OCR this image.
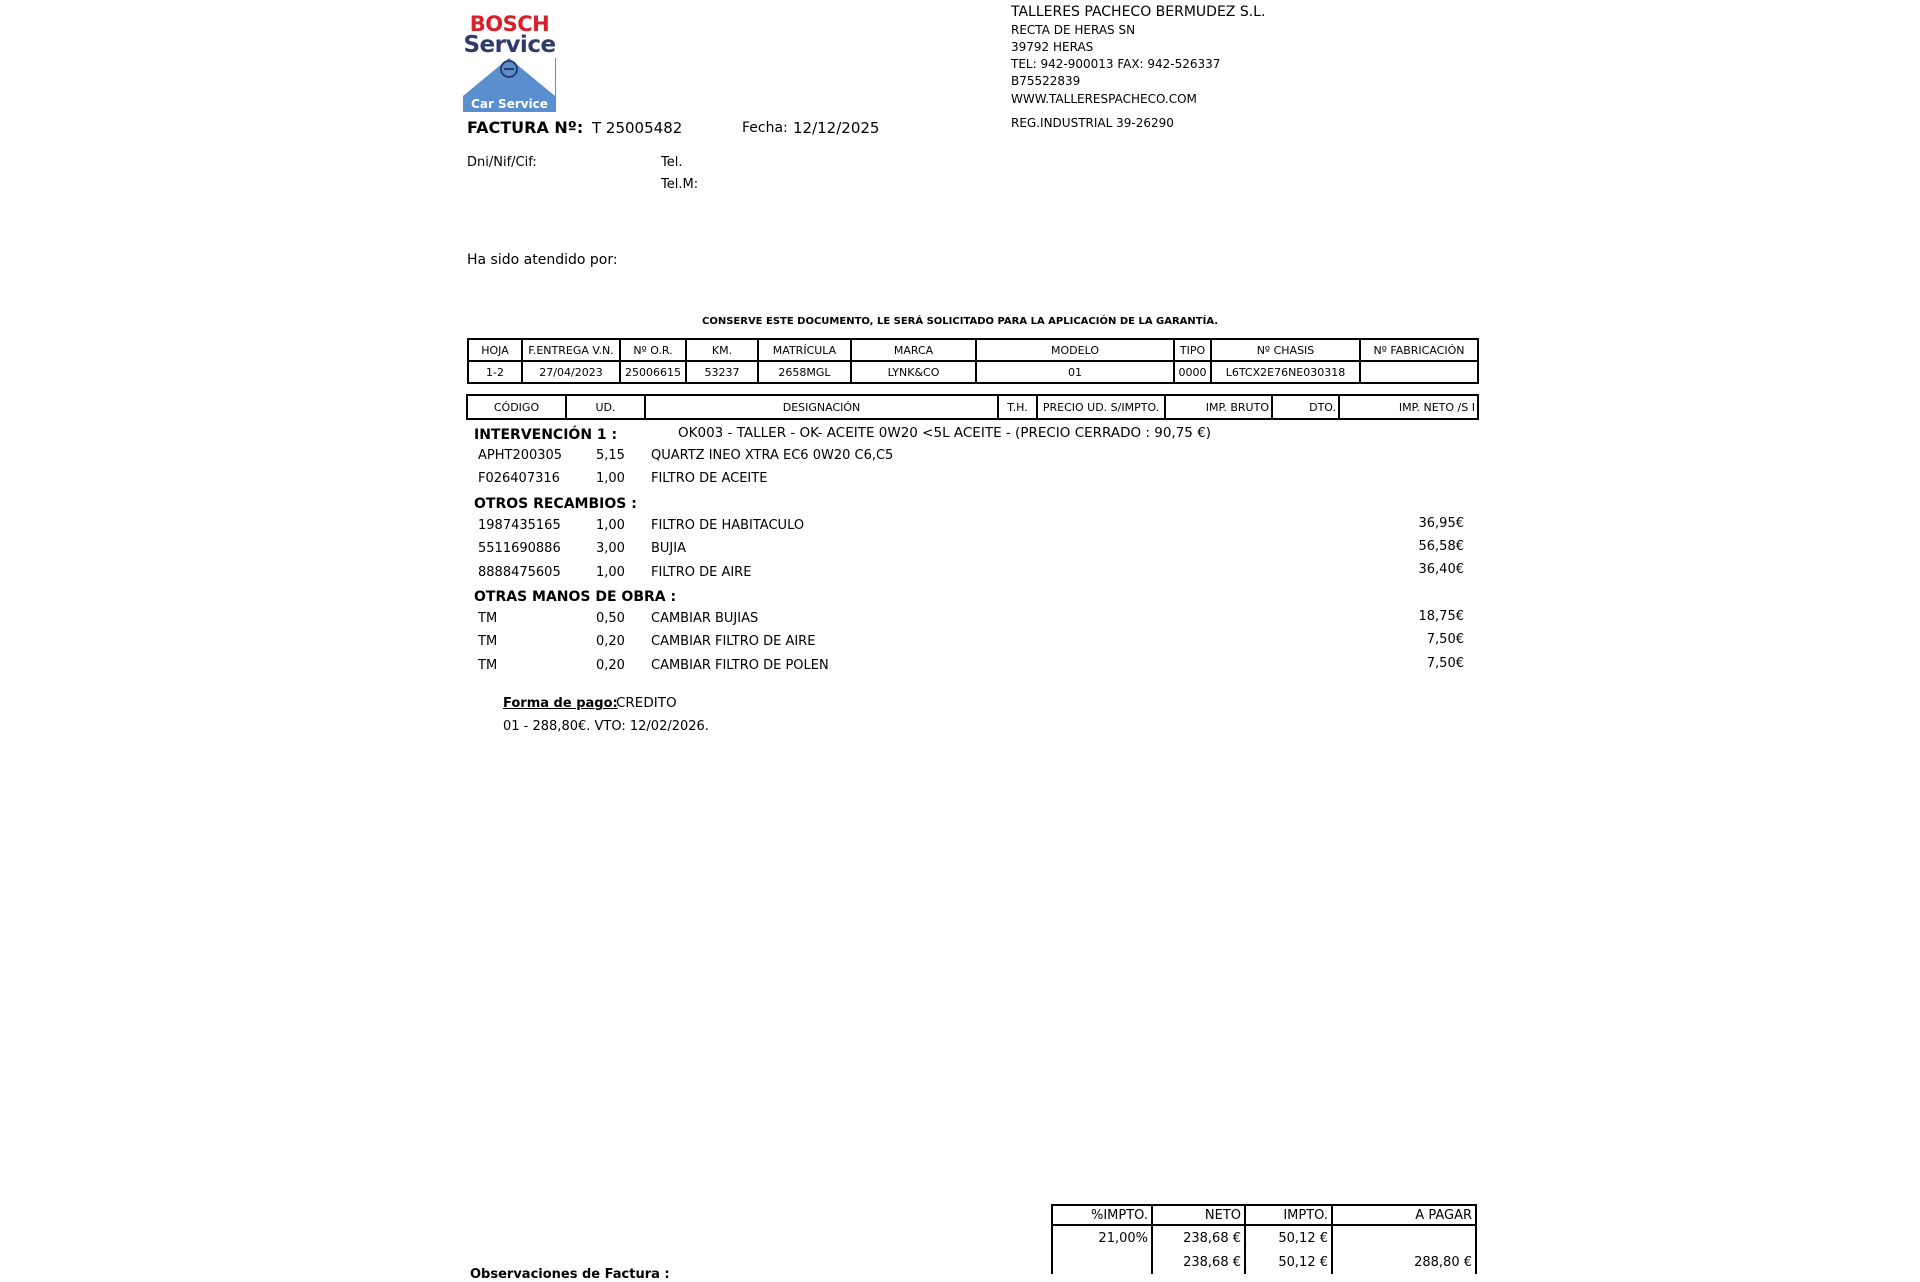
BOSCH
Service
Car Service
TALLERES PACHECO BERMUDEZ S.L.
RECTA DE HERAS SN
39792 HERAS
TEL: 942-900013 FAX: 942-526337
B75522839
WWW.TALLERESPACHECO.COM
REG.INDUSTRIAL 39-26290
FACTURA Nº: T 25005482	Fecha: 12/12/2025
Dni/Nif/Cif:	Tel.
Tel.M:
Ha sido atendido por:
CONSERVE ESTE DOCUMENTO, LE SERÁ SOLICITADO PARA LA APLICACIÓN DE LA GARANTÍA.
HOJA	F.ENTREGA V.N.	Nº O.R.	KM.	MATRÍCULA	MARCA	MODELO	TIPO	Nº CHASIS	Nº FABRICACIÓN
1-2	27/04/2023	25006615	53237	2658MGL	LYNK&CO	01	0000	L6TCX2E76NE030318	
CÓDIGO	UD.	DESIGNACIÓN	T.H.	PRECIO UD. S/IMPTO.	IMP. BRUTO	DTO.	IMP. NETO /S I
INTERVENCIÓN 1 :	OK003 - TALLER - OK- ACEITE 0W20 <5L ACEITE - (PRECIO CERRADO : 90,75 €)
APHT200305	5,15 QUARTZ INEO XTRA EC6 0W20 C6,C5
F026407316	1,00 FILTRO DE ACEITE
OTROS RECAMBIOS :
1987435165	1,00 FILTRO DE HABITACULO	36,95€
5511690886	3,00 BUJIA	56,58€
8888475605	1,00 FILTRO DE AIRE	36,40€
OTRAS MANOS DE OBRA :
TM	0,50 CAMBIAR BUJIAS	18,75€
TM	0,20 CAMBIAR FILTRO DE AIRE	7,50€
TM	0,20 CAMBIAR FILTRO DE POLEN	7,50€
Forma de pago:
CREDITO
01 - 288,80€. VTO: 12/02/2026.
%IMPTO.	NETO	IMPTO.	A PAGAR
21,00%	238,68 €	50,12 €	
	238,68 €	50,12 €	288,80 €
Observaciones de Factura :
